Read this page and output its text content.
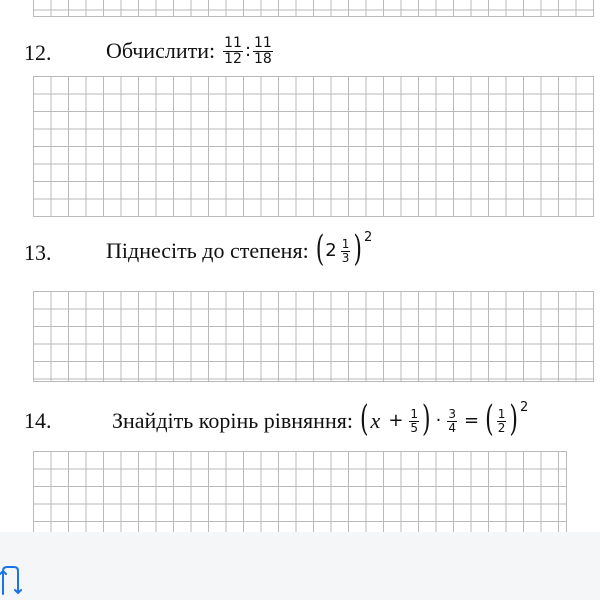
12. Обчислити: $\frac{11}{12}$ : $\frac{11}{18}$
13. Піднесіть до степеня: ( $2 \frac{1}{3}$ ) 2
14.	Знайдіть корінь рівняння: ( $x + \frac{1}{5}$ ) · $\frac{3}{4}$ = ( $\frac{1}{2}$ ) 2
